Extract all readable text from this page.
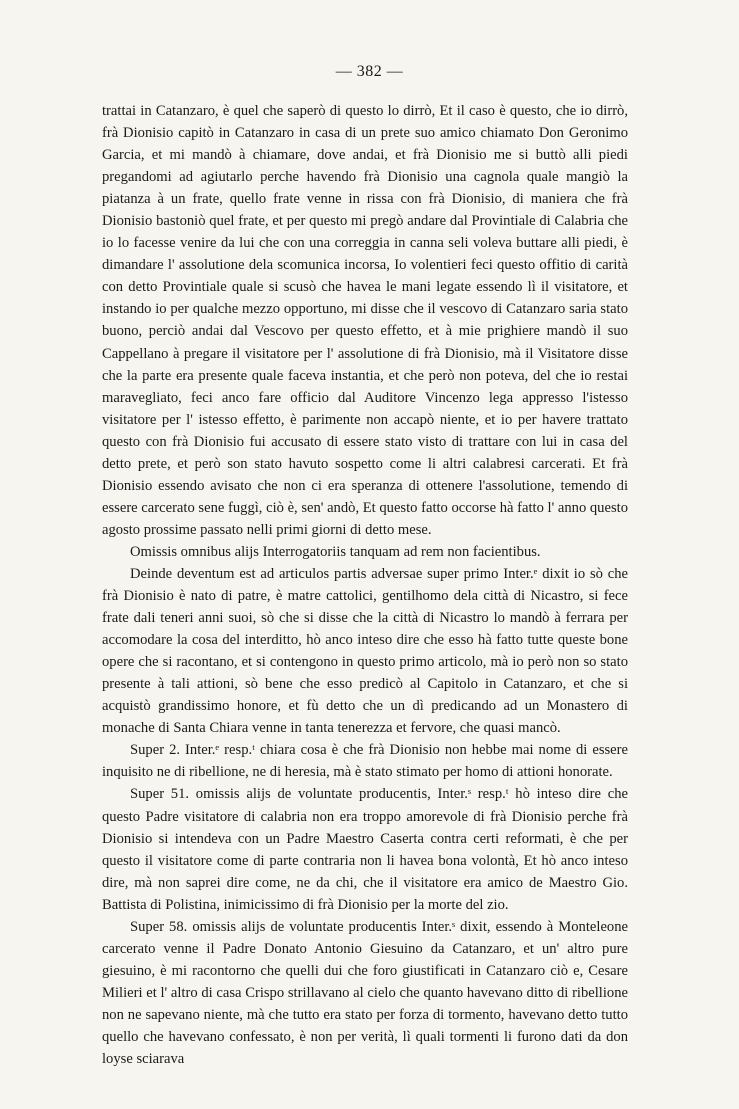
— 382 —

trattai in Catanzaro, è quel che saperò di questo lo dirrò, Et il caso è questo, che io dirrò, frà Dionisio capitò in Catanzaro in casa di un prete suo amico chiamato Don Geronimo Garcia, et mi mandò à chiamare, dove andai, et frà Dionisio me si buttò alli piedi pregandomi ad agiutarlo perche havendo frà Dionisio una cagnola quale mangiò la piatanza à un frate, quello frate venne in rissa con frà Dionisio, di maniera che frà Dionisio bastoniò quel frate, et per questo mi pregò andare dal Provintiale di Calabria che io lo facesse venire da lui che con una correggia in canna seli voleva buttare alli piedi, è dimandare l' assolutione dela scomunica incorsa, Io volentieri feci questo offitio di carità con detto Provintiale quale si scusò che havea le mani legate essendo lì il visitatore, et instando io per qualche mezzo opportuno, mi disse che il vescovo di Catanzaro saria stato buono, perciò andai dal Vescovo per questo effetto, et à mie prighiere mandò il suo Cappellano à pregare il visitatore per l' assolutione di frà Dionisio, mà il Visitatore disse che la parte era presente quale faceva instantia, et che però non poteva, del che io restai maravegliato, feci anco fare officio dal Auditore Vincenzo lega appresso l'istesso visitatore per l' istesso effetto, è parimente non accapò niente, et io per havere trattato questo con frà Dionisio fui accusato di essere stato visto di trattare con lui in casa del detto prete, et però son stato havuto sospetto come li altri calabresi carcerati. Et frà Dionisio essendo avisato che non ci era speranza di ottenere l'assolutione, temendo di essere carcerato sene fuggì, ciò è, sen' andò, Et questo fatto occorse hà fatto l' anno questo agosto prossime passato nelli primi giorni di detto mese.

Omissis omnibus alijs Interrogatoriis tanquam ad rem non facientibus.

Deinde deventum est ad articulos partis adversae super primo Inter.ᵉ dixit io sò che frà Dionisio è nato di patre, è matre cattolici, gentilhomo dela città di Nicastro, si fece frate dali teneri anni suoi, sò che si disse che la città di Nicastro lo mandò à ferrara per accomodare la cosa del interditto, hò anco inteso dire che esso hà fatto tutte queste bone opere che si racontano, et si contengono in questo primo articolo, mà io però non so stato presente à tali attioni, sò bene che esso predicò al Capitolo in Catanzaro, et che si acquistò grandissimo honore, et fù detto che un dì predicando ad un Monastero di monache di Santa Chiara venne in tanta tenerezza et fervore, che quasi mancò.

Super 2. Inter.ᵉ resp.ᵗ chiara cosa è che frà Dionisio non hebbe mai nome di essere inquisito ne di ribellione, ne di heresia, mà è stato stimato per homo di attioni honorate.

Super 51. omissis alijs de voluntate producentis, Inter.ˢ resp.ᵗ hò inteso dire che questo Padre visitatore di calabria non era troppo amorevole di frà Dionisio perche frà Dionisio si intendeva con un Padre Maestro Caserta contra certi reformati, è che per questo il visitatore come di parte contraria non li havea bona volontà, Et hò anco inteso dire, mà non saprei dire come, ne da chi, che il visitatore era amico de Maestro Gio. Battista di Polistina, inimicissimo di frà Dionisio per la morte del zio.

Super 58. omissis alijs de voluntate producentis Inter.ˢ dixit, essendo à Monteleone carcerato venne il Padre Donato Antonio Giesuino da Catanzaro, et un' altro pure giesuino, è mi racontorno che quelli dui che foro giustificati in Catanzaro ciò e, Cesare Milieri et l' altro di casa Crispo strillavano al cielo che quanto havevano ditto di ribellione non ne sapevano niente, mà che tutto era stato per forza di tormento, havevano detto tutto quello che havevano confessato, è non per verità, lì quali tormenti li furono dati da don loyse sciarava
